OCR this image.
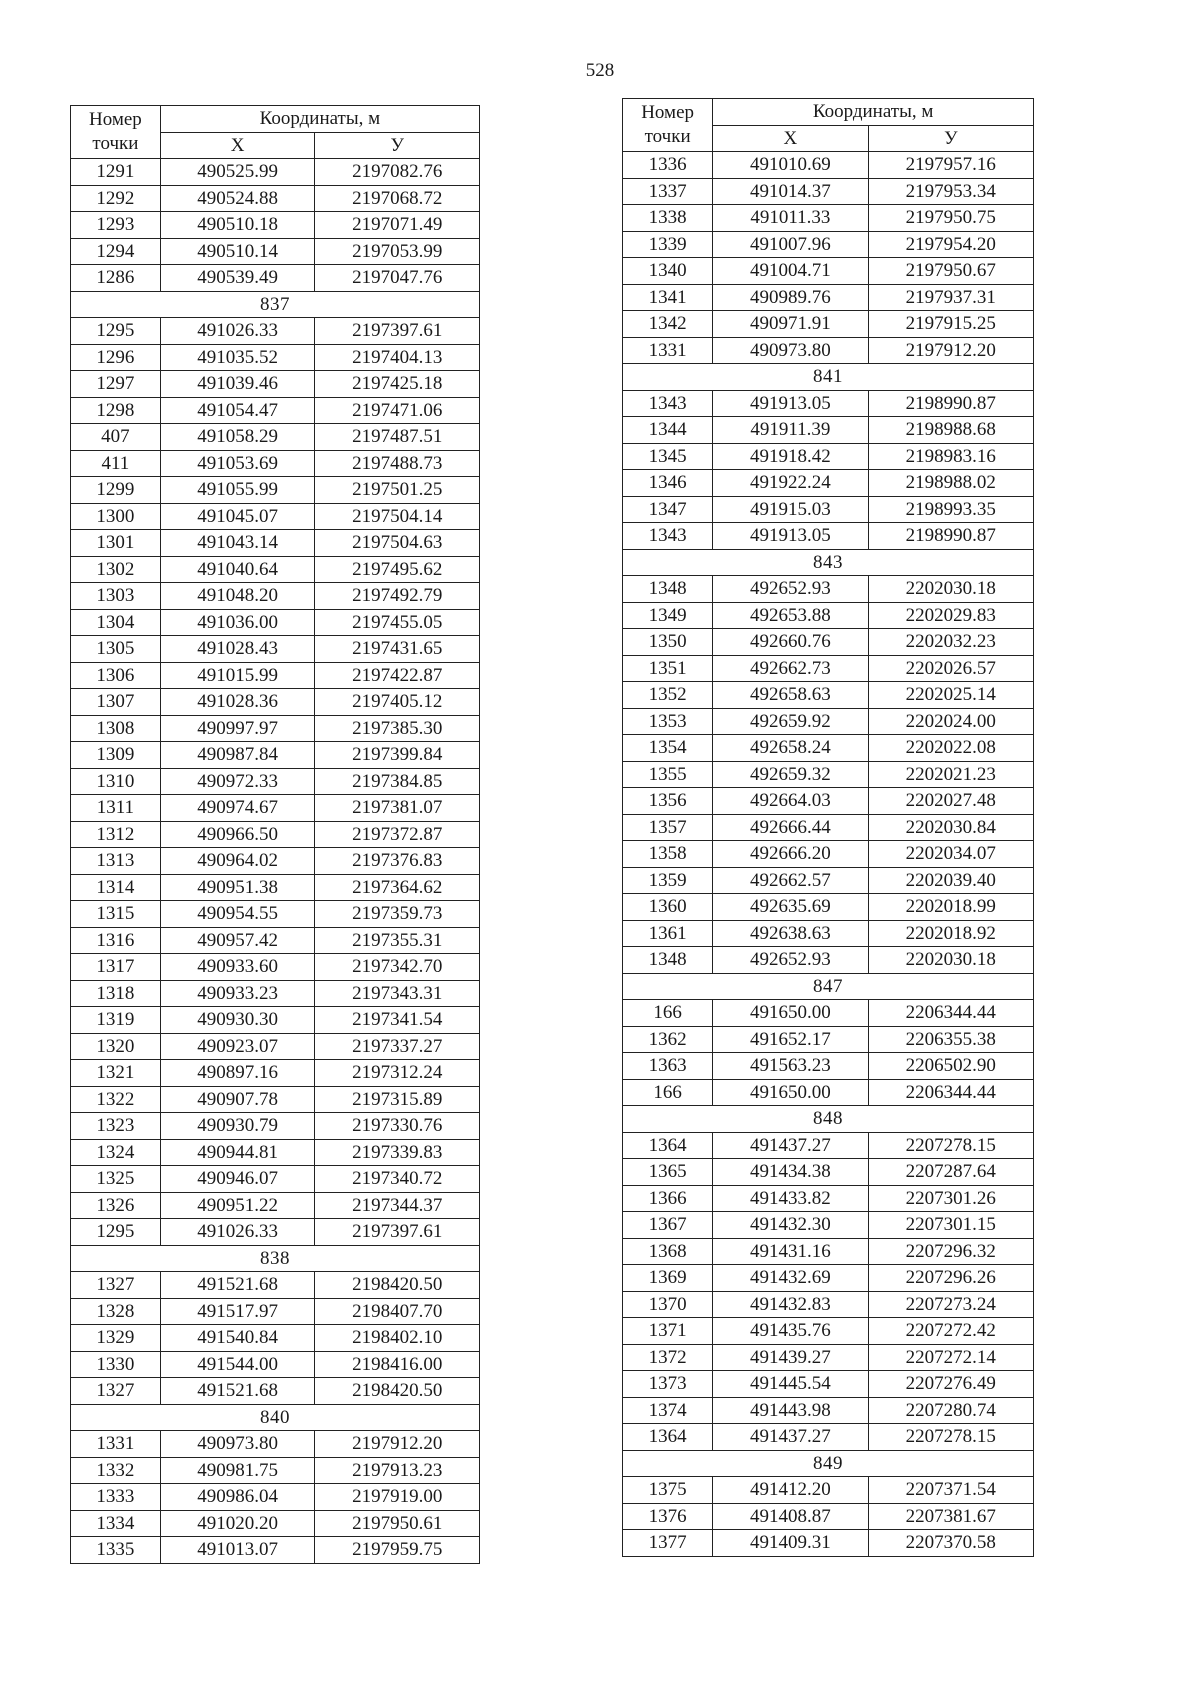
528
Номер
точки	Координаты, м	
	X	У
1291	490525.99	2197082.76
1292	490524.88	2197068.72
1293	490510.18	2197071.49
1294	490510.14	2197053.99
1286	490539.49	2197047.76
837		
1295	491026.33	2197397.61
1296	491035.52	2197404.13
1297	491039.46	2197425.18
1298	491054.47	2197471.06
407	491058.29	2197487.51
411	491053.69	2197488.73
1299	491055.99	2197501.25
1300	491045.07	2197504.14
1301	491043.14	2197504.63
1302	491040.64	2197495.62
1303	491048.20	2197492.79
1304	491036.00	2197455.05
1305	491028.43	2197431.65
1306	491015.99	2197422.87
1307	491028.36	2197405.12
1308	490997.97	2197385.30
1309	490987.84	2197399.84
1310	490972.33	2197384.85
1311	490974.67	2197381.07
1312	490966.50	2197372.87
1313	490964.02	2197376.83
1314	490951.38	2197364.62
1315	490954.55	2197359.73
1316	490957.42	2197355.31
1317	490933.60	2197342.70
1318	490933.23	2197343.31
1319	490930.30	2197341.54
1320	490923.07	2197337.27
1321	490897.16	2197312.24
1322	490907.78	2197315.89
1323	490930.79	2197330.76
1324	490944.81	2197339.83
1325	490946.07	2197340.72
1326	490951.22	2197344.37
1295	491026.33	2197397.61
838		
1327	491521.68	2198420.50
1328	491517.97	2198407.70
1329	491540.84	2198402.10
1330	491544.00	2198416.00
1327	491521.68	2198420.50
840		
1331	490973.80	2197912.20
1332	490981.75	2197913.23
1333	490986.04	2197919.00
1334	491020.20	2197950.61
1335	491013.07	2197959.75
Номер
точки	Координаты, м	
	X	У
1336	491010.69	2197957.16
1337	491014.37	2197953.34
1338	491011.33	2197950.75
1339	491007.96	2197954.20
1340	491004.71	2197950.67
1341	490989.76	2197937.31
1342	490971.91	2197915.25
1331	490973.80	2197912.20
841		
1343	491913.05	2198990.87
1344	491911.39	2198988.68
1345	491918.42	2198983.16
1346	491922.24	2198988.02
1347	491915.03	2198993.35
1343	491913.05	2198990.87
843		
1348	492652.93	2202030.18
1349	492653.88	2202029.83
1350	492660.76	2202032.23
1351	492662.73	2202026.57
1352	492658.63	2202025.14
1353	492659.92	2202024.00
1354	492658.24	2202022.08
1355	492659.32	2202021.23
1356	492664.03	2202027.48
1357	492666.44	2202030.84
1358	492666.20	2202034.07
1359	492662.57	2202039.40
1360	492635.69	2202018.99
1361	492638.63	2202018.92
1348	492652.93	2202030.18
847		
166	491650.00	2206344.44
1362	491652.17	2206355.38
1363	491563.23	2206502.90
166	491650.00	2206344.44
848		
1364	491437.27	2207278.15
1365	491434.38	2207287.64
1366	491433.82	2207301.26
1367	491432.30	2207301.15
1368	491431.16	2207296.32
1369	491432.69	2207296.26
1370	491432.83	2207273.24
1371	491435.76	2207272.42
1372	491439.27	2207272.14
1373	491445.54	2207276.49
1374	491443.98	2207280.74
1364	491437.27	2207278.15
849		
1375	491412.20	2207371.54
1376	491408.87	2207381.67
1377	491409.31	2207370.58
